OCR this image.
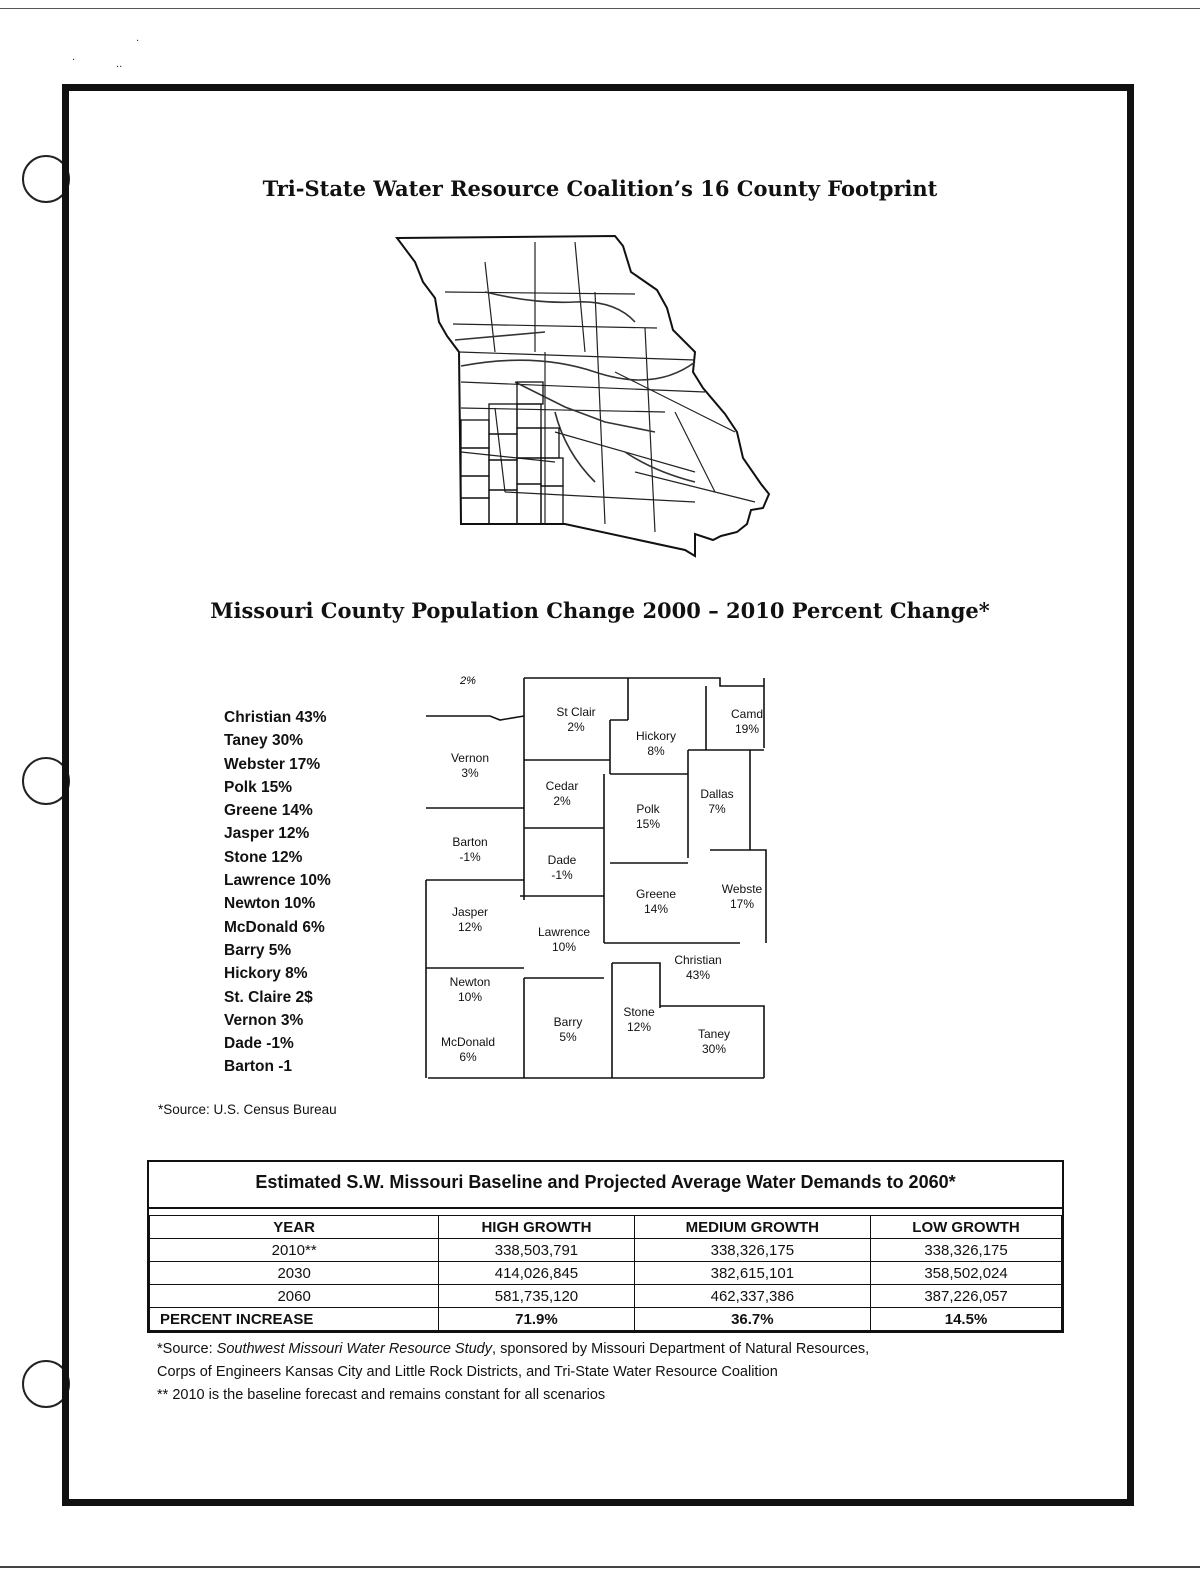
·
··
·
Tri-State Water Resource Coalition’s 16 County Footprint
Missouri County Population Change 2000 – 2010 Percent Change*
Christian 43%
Taney 30%
Webster 17%
Polk 15%
Greene 14%
Jasper 12%
Stone 12%
Lawrence 10%
Newton 10%
McDonald 6%
Barry 5%
Hickory 8%
St. Claire 2$
Vernon 3%
Dade -1%
Barton -1
2%
St Clair
2%
Camd
19%
Hickory
8%
Vernon
3%
Cedar
2%	Dallas
7%
Polk
15%
Barton
-1%	Dade
-1%
Greene
14%
Webste
17%
Jasper
12%	Lawrence
10%
Christian
43%
Newton
10%
Stone
12%
Barry
5%	Taney
30%
McDonald
6%
*Source: U.S. Census Bureau
Estimated S.W. Missouri Baseline and Projected Average Water Demands to 2060*
YEAR	HIGH GROWTH	MEDIUM GROWTH	LOW GROWTH
2010**	338,503,791	338,326,175	338,326,175
2030	414,026,845	382,615,101	358,502,024
2060	581,735,120	462,337,386	387,226,057
PERCENT INCREASE	71.9%	36.7%	14.5%
*Source: Southwest Missouri Water Resource Study, sponsored by Missouri Department of Natural Resources,
Corps of Engineers Kansas City and Little Rock Districts, and Tri-State Water Resource Coalition
** 2010 is the baseline forecast and remains constant for all scenarios
